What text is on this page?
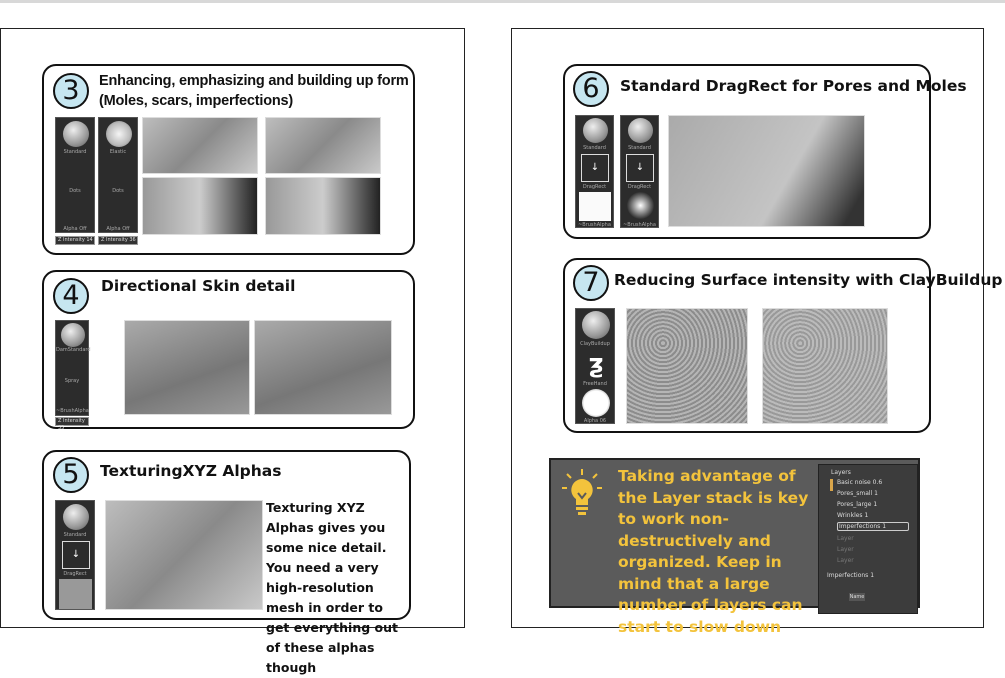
3	Enhancing, emphasizing and building up form (Moles, scars, imperfections)
Standard
Dots
Alpha Off
Z Intensity 14
Elastic
Dots
Alpha Off
Z Intensity 36
4	Directional Skin detail
DamStandard
Spray
~BrushAlpha
Z Intensity 35
5	TexturingXYZ Alphas
Standard
↓
DragRect
Texturing XYZ Alphas gives you some nice detail. You need a very high-resolution mesh in order to get everything out of these alphas though
6	Standard DragRect for Pores and Moles
Standard
↓
DragRect
~BrushAlpha
Standard
↓
DragRect
~BrushAlpha
7 Reducing Surface intensity with ClayBuildup
ClayBuildup
ƺ
FreeHand
Alpha 06
Taking advantage of the Layer stack is key to work non-destructively and organized. Keep in mind that a large number of layers can start to slow down
Layers
Basic noise 0.6
Pores_small 1
Pores_large 1
Wrinkles 1
Imperfections 1
Layer
Layer
Layer
Imperfections 1
Name
